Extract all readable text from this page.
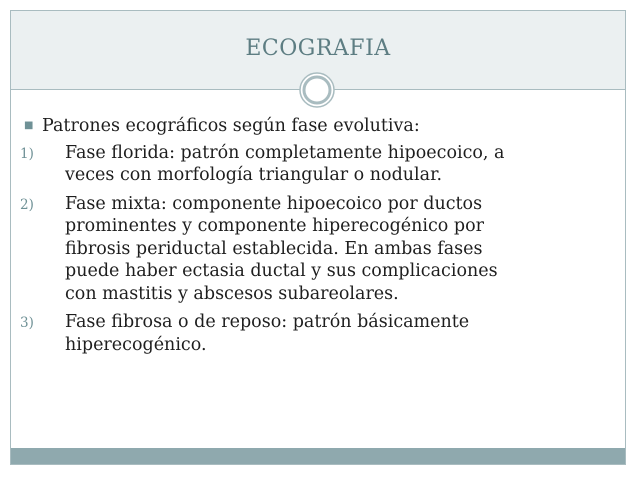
ECOGRAFIA
■ Patrones ecográficos según fase evolutiva:
1) Fase florida: patrón completamente hipoecoico, a
veces con morfología triangular o nodular.
2) Fase mixta: componente hipoecoico por ductos
prominentes y componente hiperecogénico por
fibrosis periductal establecida. En ambas fases
puede haber ectasia ductal y sus complicaciones
con mastitis y abscesos subareolares.
3) Fase fibrosa o de reposo: patrón básicamente
hiperecogénico.
